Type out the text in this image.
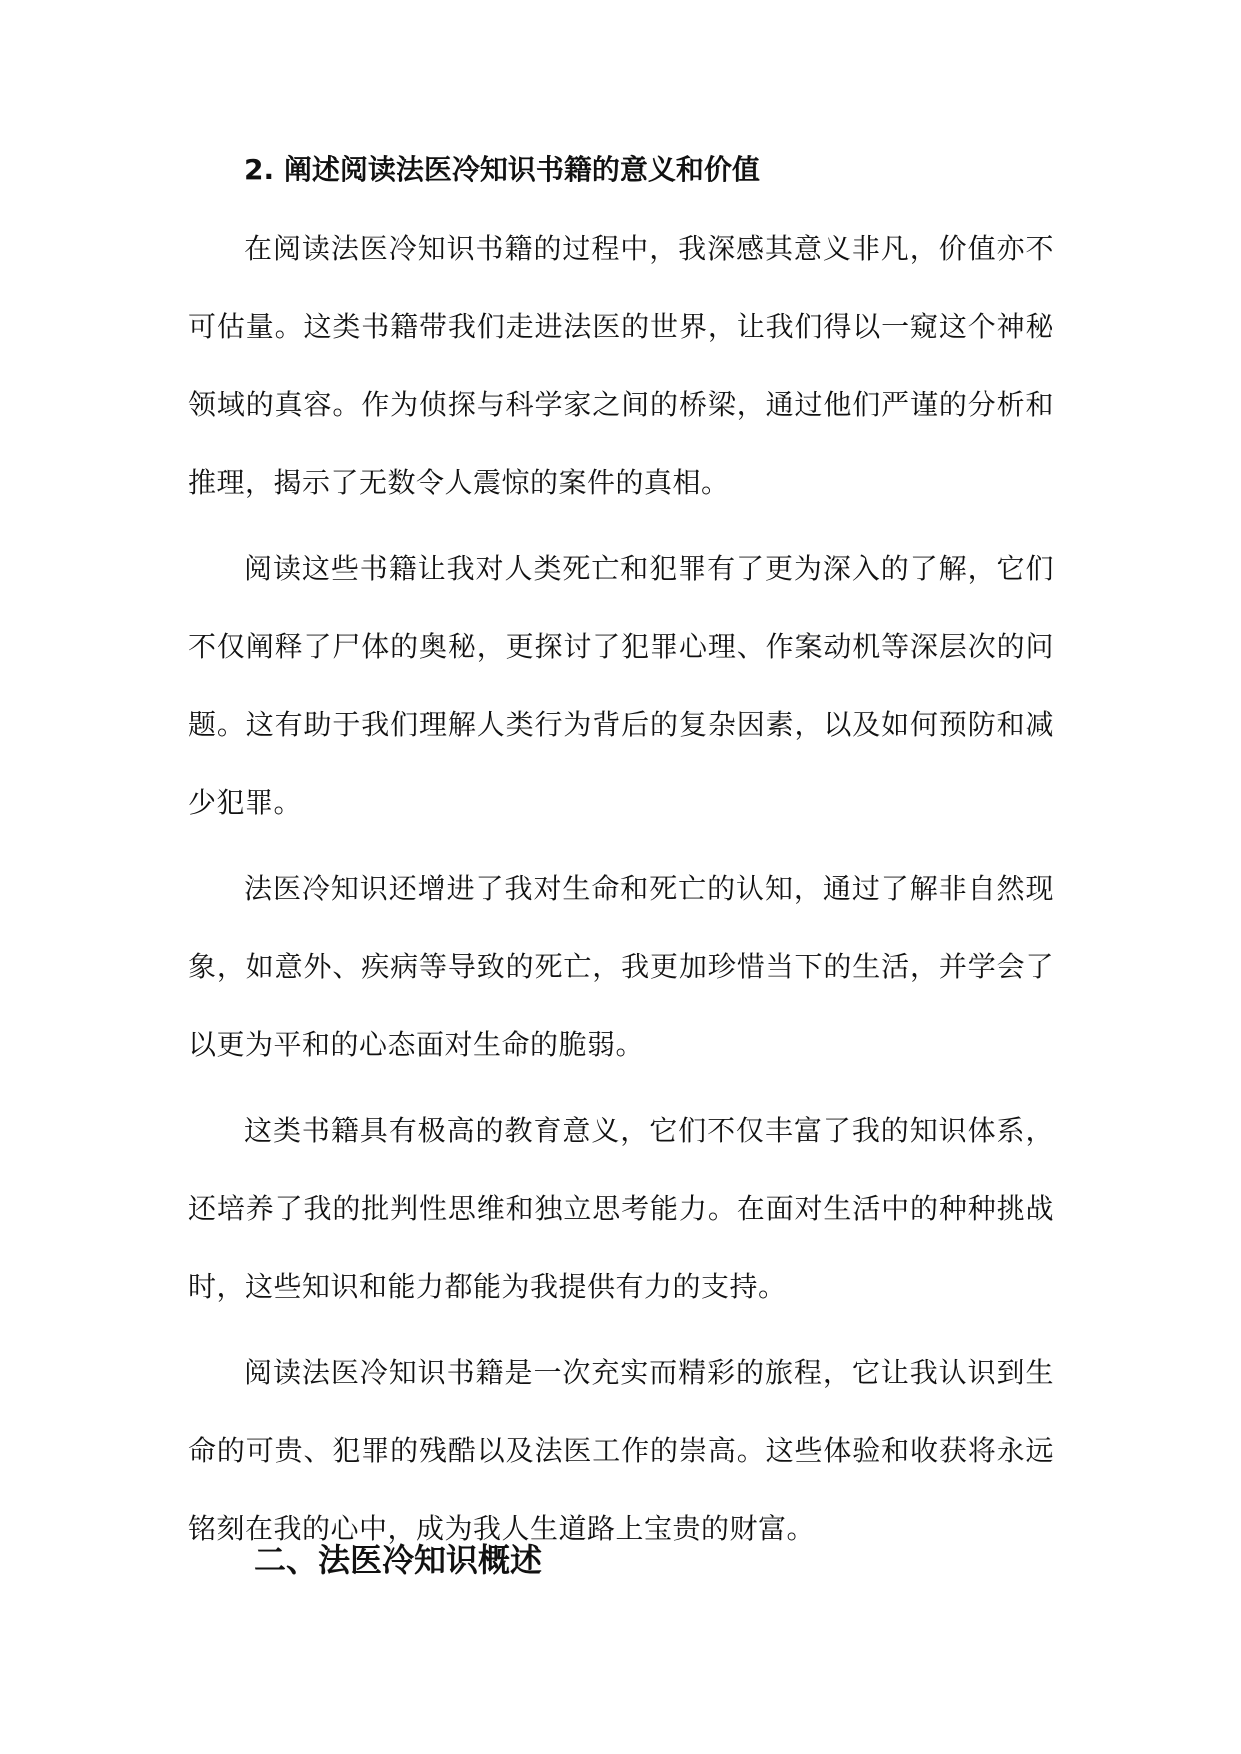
2. 阐述阅读法医冷知识书籍的意义和价值

在阅读法医冷知识书籍的过程中，我深感其意义非凡，价值亦不可估量。这类书籍带我们走进法医的世界，让我们得以一窥这个神秘领域的真容。作为侦探与科学家之间的桥梁，通过他们严谨的分析和推理，揭示了无数令人震惊的案件的真相。

阅读这些书籍让我对人类死亡和犯罪有了更为深入的了解，它们不仅阐释了尸体的奥秘，更探讨了犯罪心理、作案动机等深层次的问题。这有助于我们理解人类行为背后的复杂因素，以及如何预防和减少犯罪。

法医冷知识还增进了我对生命和死亡的认知，通过了解非自然现象，如意外、疾病等导致的死亡，我更加珍惜当下的生活，并学会了以更为平和的心态面对生命的脆弱。

这类书籍具有极高的教育意义，它们不仅丰富了我的知识体系，还培养了我的批判性思维和独立思考能力。在面对生活中的种种挑战时，这些知识和能力都能为我提供有力的支持。

阅读法医冷知识书籍是一次充实而精彩的旅程，它让我认识到生命的可贵、犯罪的残酷以及法医工作的崇高。这些体验和收获将永远铭刻在我的心中，成为我人生道路上宝贵的财富。

二、法医冷知识概述
